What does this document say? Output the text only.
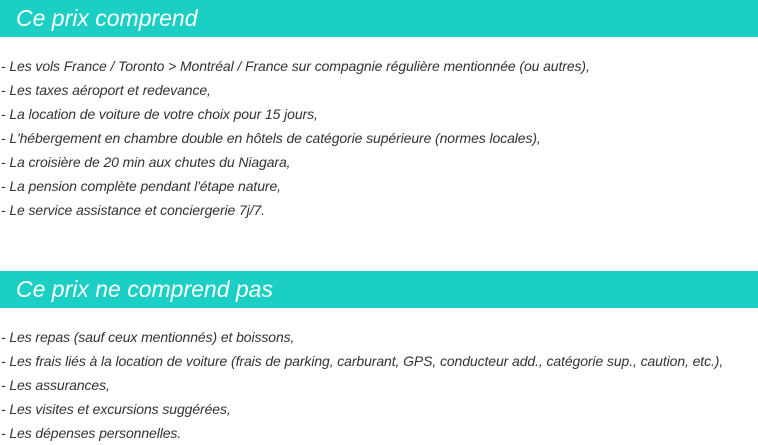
Ce prix comprend
- Les vols France / Toronto > Montréal / France sur compagnie régulière mentionnée (ou autres),
- Les taxes aéroport et redevance,
- La location de voiture de votre choix pour 15 jours,
- L'hébergement en chambre double en hôtels de catégorie supérieure (normes locales),
- La croisière de 20 min aux chutes du Niagara,
- La pension complète pendant l'étape nature,
- Le service assistance et conciergerie 7j/7.
Ce prix ne comprend pas
- Les repas (sauf ceux mentionnés) et boissons,
- Les frais liés à la location de voiture (frais de parking, carburant, GPS, conducteur add., catégorie sup., caution, etc.),
- Les assurances,
- Les visites et excursions suggérées,
- Les dépenses personnelles.
